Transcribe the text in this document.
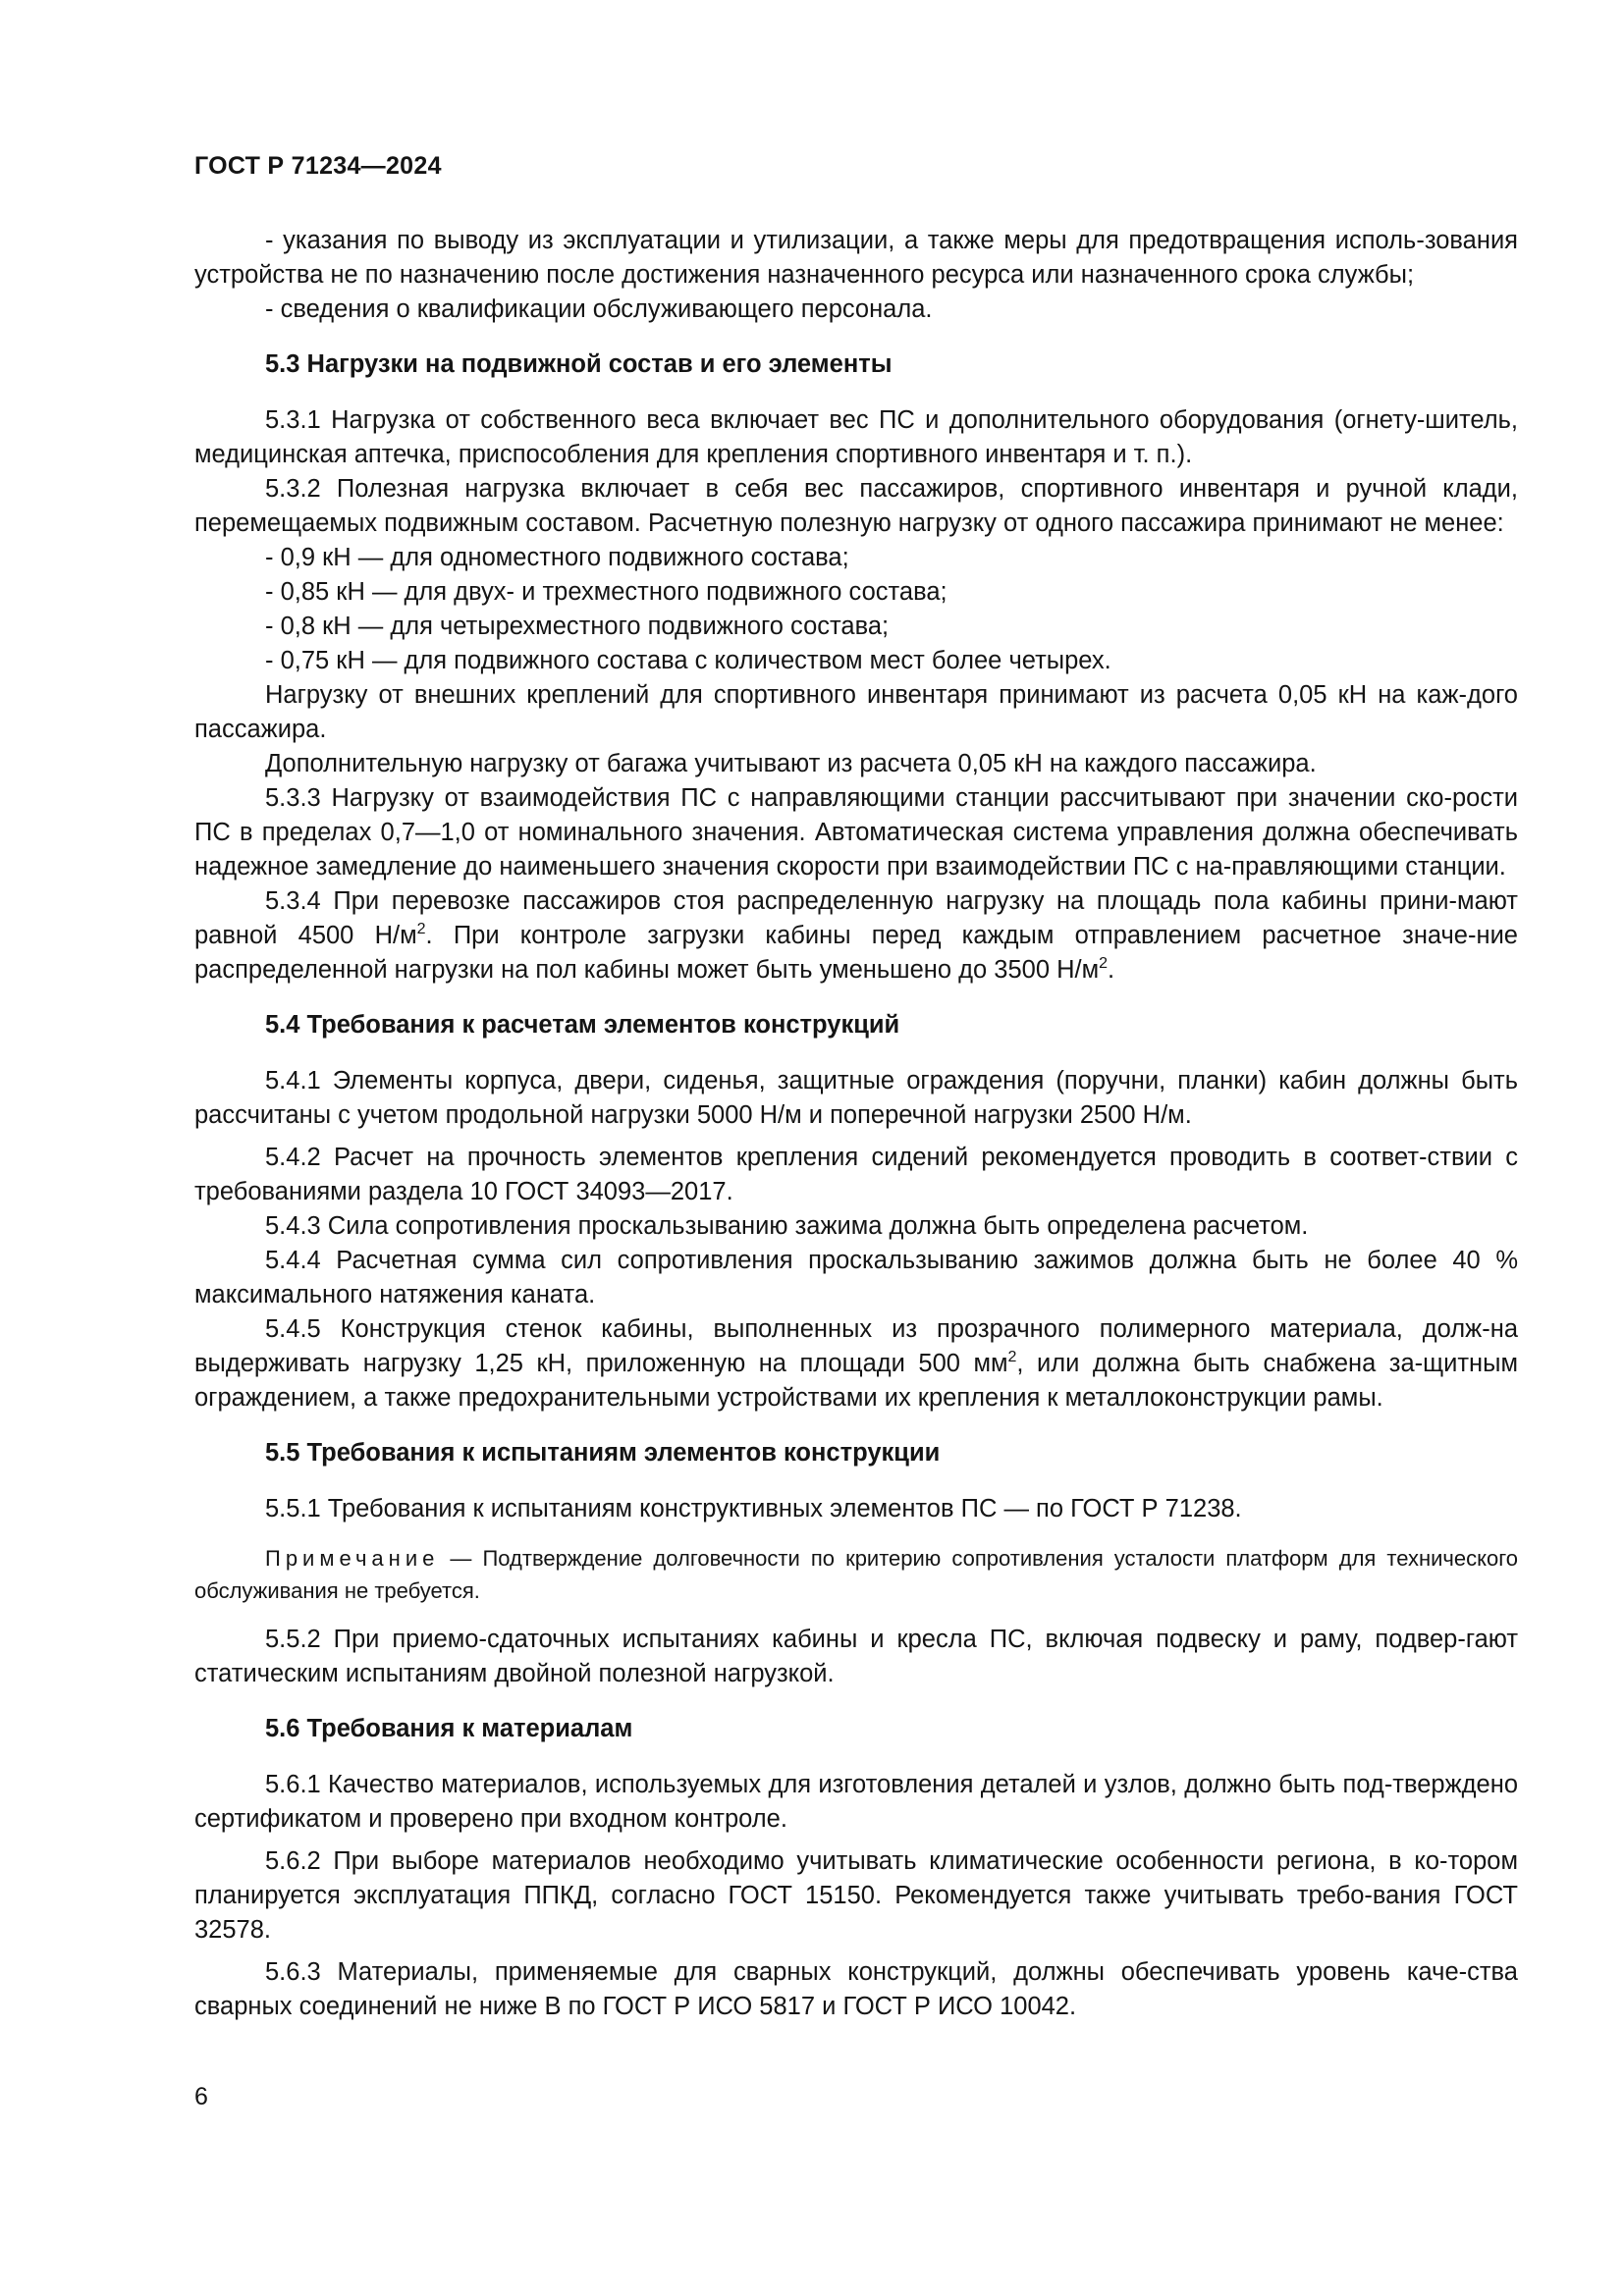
ГОСТ Р 71234—2024

- указания по выводу из эксплуатации и утилизации, а также меры для предотвращения исполь-зования устройства не по назначению после достижения назначенного ресурса или назначенного срока службы;

- сведения о квалификации обслуживающего персонала.

5.3 Нагрузки на подвижной состав и его элементы

5.3.1 Нагрузка от собственного веса включает вес ПС и дополнительного оборудования (огнету-шитель, медицинская аптечка, приспособления для крепления спортивного инвентаря и т. п.).

5.3.2 Полезная нагрузка включает в себя вес пассажиров, спортивного инвентаря и ручной клади, перемещаемых подвижным составом. Расчетную полезную нагрузку от одного пассажира принимают не менее:

- 0,9 кН — для одноместного подвижного состава;

- 0,85 кН — для двух- и трехместного подвижного состава;

- 0,8 кН — для четырехместного подвижного состава;

- 0,75 кН — для подвижного состава с количеством мест более четырех.

Нагрузку от внешних креплений для спортивного инвентаря принимают из расчета 0,05 кН на каж-дого пассажира.

Дополнительную нагрузку от багажа учитывают из расчета 0,05 кН на каждого пассажира.

5.3.3 Нагрузку от взаимодействия ПС с направляющими станции рассчитывают при значении ско-рости ПС в пределах 0,7—1,0 от номинального значения. Автоматическая система управления должна обеспечивать надежное замедление до наименьшего значения скорости при взаимодействии ПС с на-правляющими станции.

5.3.4 При перевозке пассажиров стоя распределенную нагрузку на площадь пола кабины прини-мают равной 4500 $Н/м^2$. При контроле загрузки кабины перед каждым отправлением расчетное значе-ние распределенной нагрузки на пол кабины может быть уменьшено до 3500 $Н/м^2$.

5.4 Требования к расчетам элементов конструкций

5.4.1 Элементы корпуса, двери, сиденья, защитные ограждения (поручни, планки) кабин должны быть рассчитаны с учетом продольной нагрузки 5000 Н/м и поперечной нагрузки 2500 Н/м.

5.4.2 Расчет на прочность элементов крепления сидений рекомендуется проводить в соответ-ствии с требованиями раздела 10 ГОСТ 34093—2017.

5.4.3 Сила сопротивления проскальзыванию зажима должна быть определена расчетом.

5.4.4 Расчетная сумма сил сопротивления проскальзыванию зажимов должна быть не более 40 % максимального натяжения каната.

5.4.5 Конструкция стенок кабины, выполненных из прозрачного полимерного материала, долж-на выдерживать нагрузку 1,25 кН, приложенную на площади 500 $мм^2$, или должна быть снабжена за-щитным ограждением, а также предохранительными устройствами их крепления к металлоконструкции рамы.

5.5 Требования к испытаниям элементов конструкции

5.5.1 Требования к испытаниям конструктивных элементов ПС — по ГОСТ Р 71238.

Примечание — Подтверждение долговечности по критерию сопротивления усталости платформ для технического обслуживания не требуется.

5.5.2 При приемо-сдаточных испытаниях кабины и кресла ПС, включая подвеску и раму, подвер-гают статическим испытаниям двойной полезной нагрузкой.

5.6 Требования к материалам

5.6.1 Качество материалов, используемых для изготовления деталей и узлов, должно быть под-тверждено сертификатом и проверено при входном контроле.

5.6.2 При выборе материалов необходимо учитывать климатические особенности региона, в ко-тором планируется эксплуатация ППКД, согласно ГОСТ 15150. Рекомендуется также учитывать требо-вания ГОСТ 32578.

5.6.3 Материалы, применяемые для сварных конструкций, должны обеспечивать уровень каче-ства сварных соединений не ниже B по ГОСТ Р ИСО 5817 и ГОСТ Р ИСО 10042.

6
